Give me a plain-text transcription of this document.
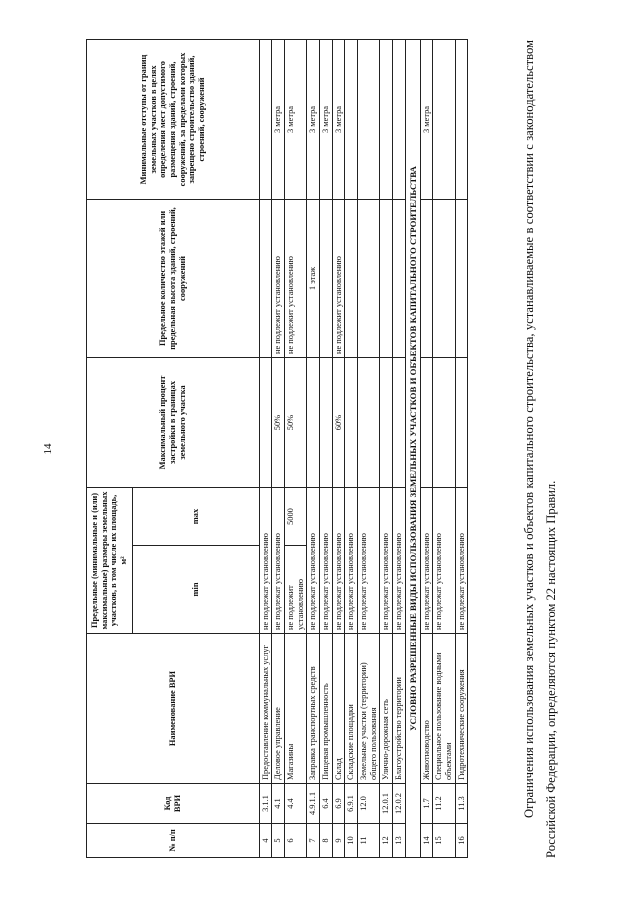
14
№ п/п	Код ВРИ	Наименование ВРИ	Предельные (минимальные и (или) максимальные) размеры земельных участков, в том числе их площадь, м²		Максимальный процент застройки в границах земельного участка	Предельное количество этажей или предельная высота зданий, строений, сооружений	Минимальные отступы от границ земельных участков в целях определения мест допустимого размещения зданий, строений, сооружений, за пределами которых запрещено строительство зданий, строений, сооружений
			min	max			
4	3.1.1	Предоставление коммунальных услуг	не подлежат установлению				
5	4.1	Деловое управление	не подлежат установлению		50%	не подлежит установлению	3 метра
6	4.4	Магазины	не подлежит установлению	5000	50%	не подлежит установлению	3 метра
7	4.9.1.1	Заправка транспортных средств	не подлежат установлению			1 этаж	3 метра
8	6.4	Пищевая промышленность	не подлежат установлению				3 метра
9	6.9	Склад	не подлежат установлению		60%	не подлежит установлению	3 метра
10	6.9.1	Складские площадки	не подлежат установлению				
11	12.0	Земельные участки (территории) общего пользования	не подлежат установлению				
12	12.0.1	Улично-дорожная сеть	не подлежат установлению				
13	12.0.2	Благоустройство территории	не подлежат установлению				
УСЛОВНО РАЗРЕШЕННЫЕ ВИДЫ ИСПОЛЬЗОВАНИЯ ЗЕМЕЛЬНЫХ УЧАСТКОВ И ОБЪЕКТОВ КАПИТАЛЬНОГО СТРОИТЕЛЬСТВА							
14	1.7	Животноводство	не подлежат установлению				3 метра
15	11.2	Специальное пользование водными объектами	не подлежат установлению				
16	11.3	Гидротехнические сооружения	не подлежат установлению					Ограничения использования земельных участков и объектов капитального строительства, устанавливаемые в соответствии с законодательством Российской Федерации, определяются пунктом 22 настоящих Правил.
